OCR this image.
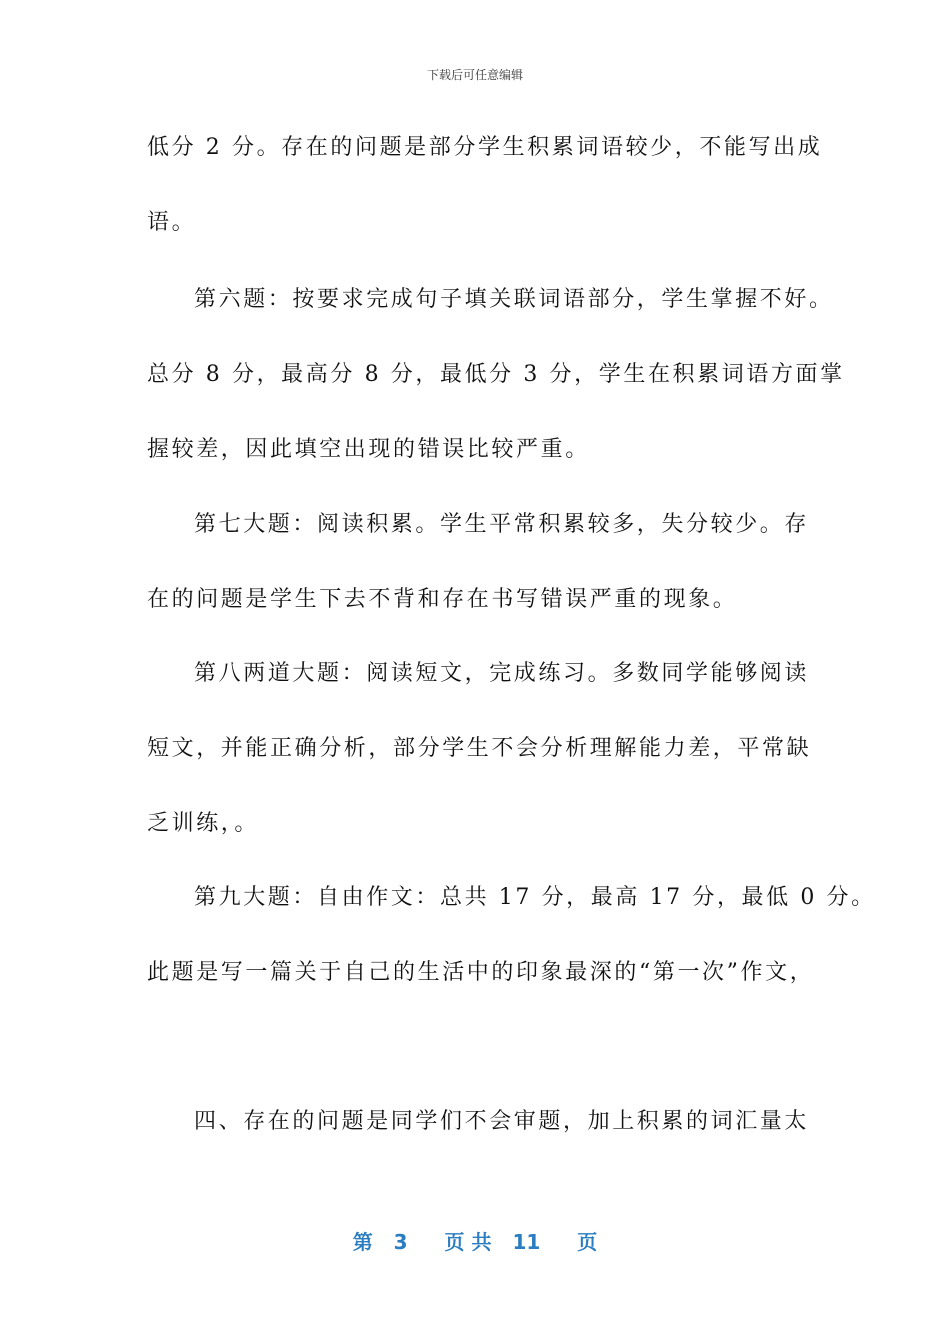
下载后可任意编辑
低分 2 分。存在的问题是部分学生积累词语较少，不能写出成
语。
第六题：按要求完成句子填关联词语部分，学生掌握不好。
总分 8 分，最高分 8 分，最低分 3 分，学生在积累词语方面掌
握较差，因此填空出现的错误比较严重。
第七大题：阅读积累。学生平常积累较多，失分较少。存
在的问题是学生下去不背和存在书写错误严重的现象。
第八两道大题：阅读短文，完成练习。多数同学能够阅读
短文，并能正确分析，部分学生不会分析理解能力差，平常缺
乏训练，。
第九大题：自由作文：总共 17 分，最高 17 分，最低 0 分。
此题是写一篇关于自己的生活中的印象最深的“第一次”作文，
四、存在的问题是同学们不会审题，加上积累的词汇量太
第 3 页 共 11 页
